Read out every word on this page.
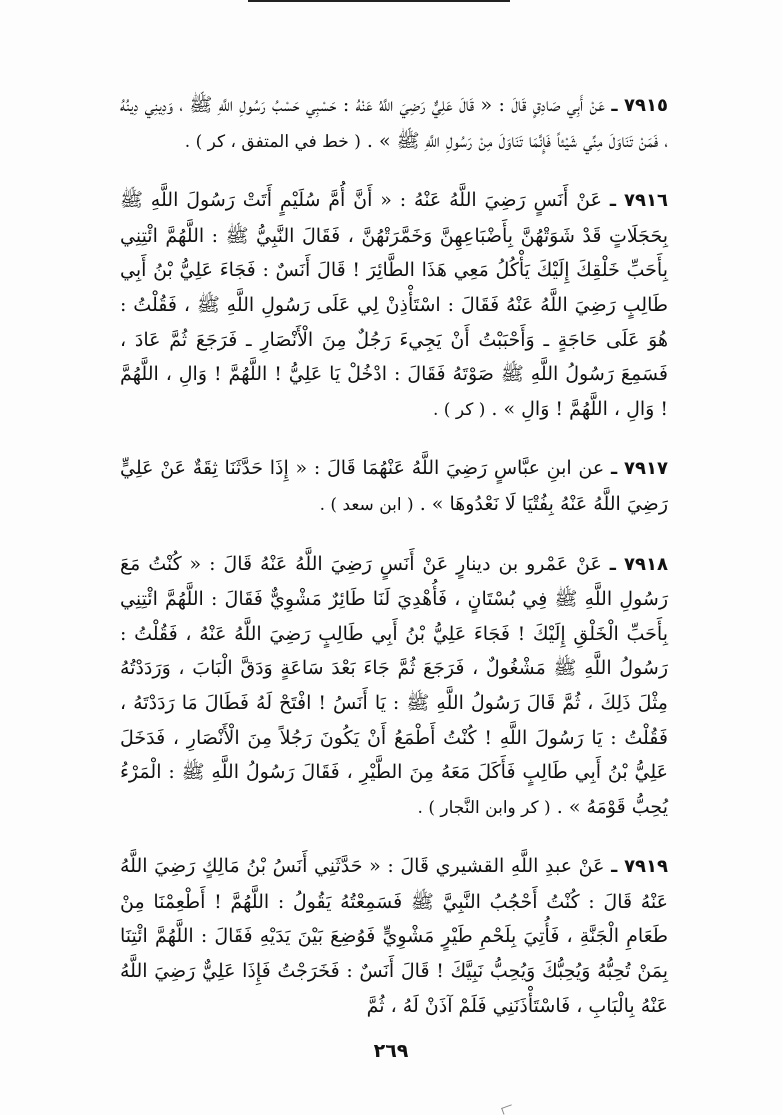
٧٩١٥ ـ عَنْ أَبِي صَادِقٍ قَالَ : « قَالَ عَلِيٌّ رَضِيَ اللَّهُ عَنْهُ : حَسْبِي حَسْبُ رَسُولِ اللَّهِ ﷺ ، وَدِينِي دِينُهُ ، فَمَنْ تَنَاوَلَ مِنِّي شَيْئاً فَإِنَّمَا تَنَاوَلَ مِنْ رَسُولِ اللَّهِ ﷺ » . ( خط في المتفق ، كر ) .

٧٩١٦ ـ عَنْ أَنَسٍ رَضِيَ اللَّهُ عَنْهُ : « أَنَّ أُمَّ سُلَيْمٍ أَتَتْ رَسُولَ اللَّهِ ﷺ بِحَجَلَاتٍ قَدْ شَوَتْهُنَّ بِأَضْبَاعِهِنَّ وَخَمَّرَتْهُنَّ ، فَقَالَ النَّبِيُّ ﷺ : اللَّهُمَّ ائْتِنِي بِأَحَبِّ خَلْقِكَ إِلَيْكَ يَأْكُلُ مَعِي هَذَا الطَّائِرَ ! قَالَ أَنَسٌ : فَجَاءَ عَلِيُّ بْنُ أَبِي طَالِبٍ رَضِيَ اللَّهُ عَنْهُ فَقَالَ : اسْتَأْذِنْ لِي عَلَى رَسُولِ اللَّهِ ﷺ ، فَقُلْتُ : هُوَ عَلَى حَاجَةٍ ـ وَأَحْبَبْتُ أَنْ يَجِيءَ رَجُلٌ مِنَ الْأَنْصَارِ ـ فَرَجَعَ ثُمَّ عَادَ ، فَسَمِعَ رَسُولُ اللَّهِ ﷺ صَوْتَهُ فَقَالَ : ادْخُلْ يَا عَلِيُّ ! اللَّهُمَّ ! وَالِ ، اللَّهُمَّ ! وَالِ ، اللَّهُمَّ ! وَالِ » . ( كر ) .

٧٩١٧ ـ عن ابنِ عبَّاسٍ رَضِيَ اللَّهُ عَنْهُمَا قَالَ : « إِذَا حَدَّثَنَا ثِقَةٌ عَنْ عَلِيٍّ رَضِيَ اللَّهُ عَنْهُ بِفُتْيَا لَا نَعْدُوهَا » . ( ابن سعد ) .

٧٩١٨ ـ عَنْ عَمْرو بن دينارٍ عَنْ أَنَسٍ رَضِيَ اللَّهُ عَنْهُ قَالَ : « كُنْتُ مَعَ رَسُولِ اللَّهِ ﷺ فِي بُسْتَانٍ ، فَأُهْدِيَ لَنَا طَائِرٌ مَشْوِيٌّ فَقَالَ : اللَّهُمَّ ائْتِنِي بِأَحَبِّ الْخَلْقِ إِلَيْكَ ! فَجَاءَ عَلِيُّ بْنُ أَبِي طَالِبٍ رَضِيَ اللَّهُ عَنْهُ ، فَقُلْتُ : رَسُولُ اللَّهِ ﷺ مَشْغُولٌ ، فَرَجَعَ ثُمَّ جَاءَ بَعْدَ سَاعَةٍ وَدَقَّ الْبَابَ ، وَرَدَدْتُهُ مِثْلَ ذَلِكَ ، ثُمَّ قَالَ رَسُولُ اللَّهِ ﷺ : يَا أَنَسُ ! افْتَحْ لَهُ فَطَالَ مَا رَدَدْتَهُ ، فَقُلْتُ : يَا رَسُولَ اللَّهِ ! كُنْتُ أَطْمَعُ أَنْ يَكُونَ رَجُلاً مِنَ الْأَنْصَارِ ، فَدَخَلَ عَلِيُّ بْنُ أَبِي طَالِبٍ فَأَكَلَ مَعَهُ مِنَ الطَّيْرِ ، فَقَالَ رَسُولُ اللَّهِ ﷺ : الْمَرْءُ يُحِبُّ قَوْمَهُ » . ( كر وابن النَّجار ) .

٧٩١٩ ـ عَنْ عبدِ اللَّهِ القشيري قَالَ : « حَدَّثَنِي أَنَسُ بْنُ مَالِكٍ رَضِيَ اللَّهُ عَنْهُ قَالَ : كُنْتُ أَحْجُبُ النَّبِيَّ ﷺ فَسَمِعْتُهُ يَقُولُ : اللَّهُمَّ ! أَطْعِمْنَا مِنْ طَعَامِ الْجَنَّةِ ، فَأُتِيَ بِلَحْمِ طَيْرٍ مَشْوِيٍّ فَوُضِعَ بَيْنَ يَدَيْهِ فَقَالَ : اللَّهُمَّ ائْتِنَا بِمَنْ تُحِبُّهُ وَيُحِبُّكَ وَيُحِبُّ نَبِيَّكَ ! قَالَ أَنَسٌ : فَخَرَجْتُ فَإِذَا عَلِيٌّ رَضِيَ اللَّهُ عَنْهُ بِالْبَابِ ، فَاسْتَأْذَنَنِي فَلَمْ آذَنْ لَهُ ، ثُمَّ

٢٦٩
